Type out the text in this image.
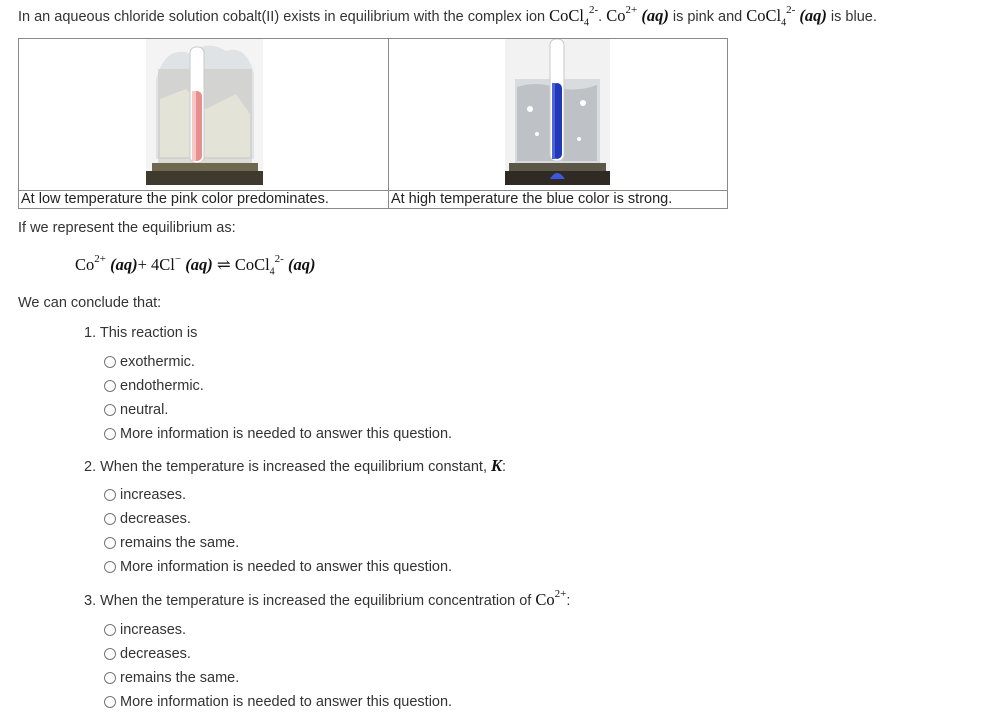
In an aqueous chloride solution cobalt(II) exists in equilibrium with the complex ion CoCl$_4^{2-}$. $Co^{2+}$ (aq) is pink and CoCl$_4^{2-}$ (aq) is blue.
At low temperature the pink color predominates.	At high temperature the blue color is strong.
If we represent the equilibrium as:
$Co^{2+}$ (aq)+ 4Cl− (aq) ⇌ CoCl$_4^{2-}$ (aq)
We can conclude that:
1. This reaction is
exothermic.
endothermic.
neutral.
More information is needed to answer this question.
2. When the temperature is increased the equilibrium constant, K:
increases.
decreases.
remains the same.
More information is needed to answer this question.
3. When the temperature is increased the equilibrium concentration of $Co^{2+}$:
increases.
decreases.
remains the same.
More information is needed to answer this question.
